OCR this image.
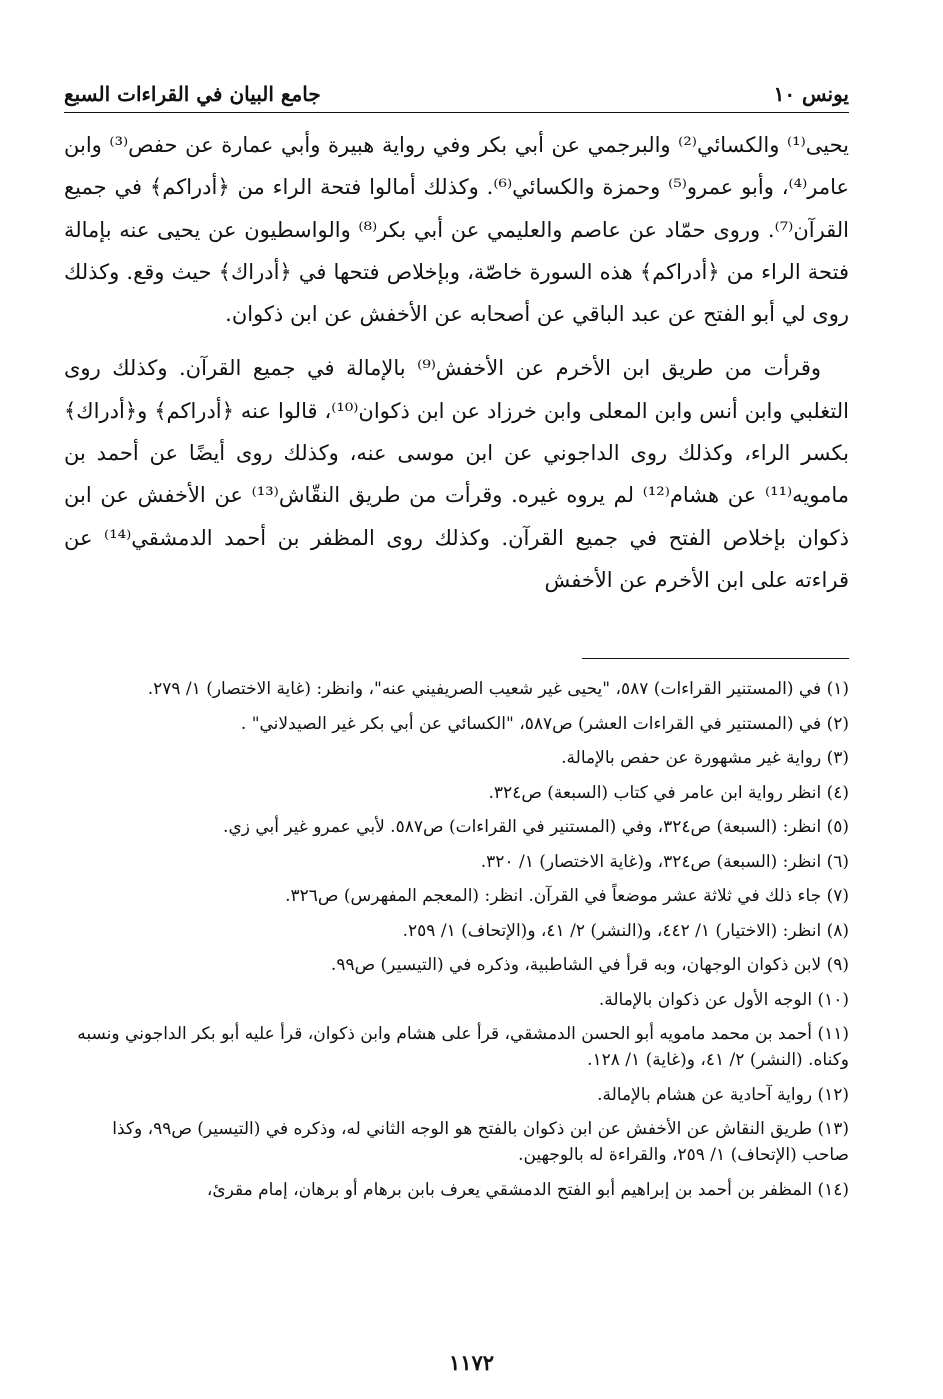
يونس ١٠
جامع البيان في القراءات السبع

يحيى⁽¹⁾ والكسائي⁽²⁾ والبرجمي عن أبي بكر وفي رواية هبيرة وأبي عمارة عن حفص⁽³⁾ وابن عامر⁽⁴⁾، وأبو عمرو⁽⁵⁾ وحمزة والكسائي⁽⁶⁾. وكذلك أمالوا فتحة الراء من ﴿أدراكم﴾ في جميع القرآن⁽⁷⁾. وروى حمّاد عن عاصم والعليمي عن أبي بكر⁽⁸⁾ والواسطيون عن يحيى عنه بإمالة فتحة الراء من ﴿أدراكم﴾ هذه السورة خاصّة، وبإخلاص فتحها في ﴿أدراك﴾ حيث وقع. وكذلك روى لي أبو الفتح عن عبد الباقي عن أصحابه عن الأخفش عن ابن ذكوان.

وقرأت من طريق ابن الأخرم عن الأخفش⁽⁹⁾ بالإمالة في جميع القرآن. وكذلك روى التغلبي وابن أنس وابن المعلى وابن خرزاد عن ابن ذكوان⁽¹⁰⁾، قالوا عنه ﴿أدراكم﴾ و﴿أدراك﴾ بكسر الراء، وكذلك روى الداجوني عن ابن موسى عنه، وكذلك روى أيضًا عن أحمد بن مامويه⁽¹¹⁾ عن هشام⁽¹²⁾ لم يروه غيره. وقرأت من طريق النقّاش⁽¹³⁾ عن الأخفش عن ابن ذكوان بإخلاص الفتح في جميع القرآن. وكذلك روى المظفر بن أحمد الدمشقي⁽¹⁴⁾ عن قراءته على ابن الأخرم عن الأخفش

(١) في (المستنير القراءات) ٥٨٧، "يحيى غير شعيب الصريفيني عنه"، وانظر: (غاية الاختصار) ١/ ٢٧٩.
(٢) في (المستنير في القراءات العشر) ص٥٨٧، "الكسائي عن أبي بكر غير الصيدلاني" .
(٣) رواية غير مشهورة عن حفص بالإمالة.
(٤) انظر رواية ابن عامر في كتاب (السبعة) ص٣٢٤.
(٥) انظر: (السبعة) ص٣٢٤، وفي (المستنير في القراءات) ص٥٨٧. لأبي عمرو غير أبي زي.
(٦) انظر: (السبعة) ص٣٢٤، و(غاية الاختصار) ١/ ٣٢٠.
(٧) جاء ذلك في ثلاثة عشر موضعاً في القرآن. انظر: (المعجم المفهرس) ص٣٢٦.
(٨) انظر: (الاختيار) ١/ ٤٤٢، و(النشر) ٢/ ٤١، و(الإتحاف) ١/ ٢٥٩.
(٩) لابن ذكوان الوجهان، وبه قرأ في الشاطبية، وذكره في (التيسير) ص٩٩.
(١٠) الوجه الأول عن ذكوان بالإمالة.
(١١) أحمد بن محمد مامويه أبو الحسن الدمشقي، قرأ على هشام وابن ذكوان، قرأ عليه أبو بكر الداجوني ونسبه وكناه. (النشر) ٢/ ٤١، و(غاية) ١/ ١٢٨.
(١٢) رواية آحادية عن هشام بالإمالة.
(١٣) طريق النقاش عن الأخفش عن ابن ذكوان بالفتح هو الوجه الثاني له، وذكره في (التيسير) ص٩٩، وكذا صاحب (الإتحاف) ١/ ٢٥٩، والقراءة له بالوجهين.
(١٤) المظفر بن أحمد بن إبراهيم أبو الفتح الدمشقي يعرف بابن برهام أو برهان، إمام مقرئ،
١١٧٢
